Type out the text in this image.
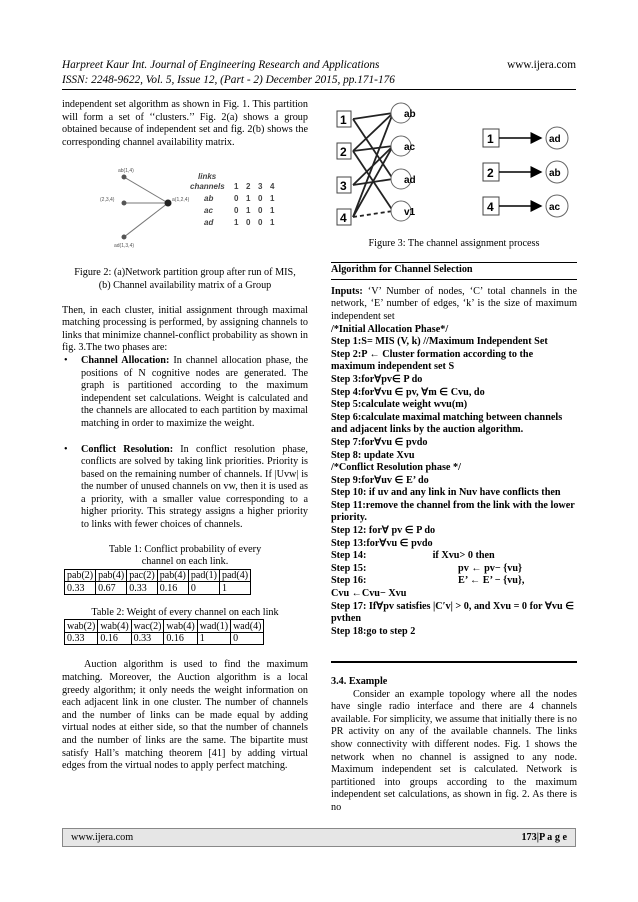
Harpreet Kaur Int. Journal of Engineering Research and Applications	www.ijera.com
ISSN: 2248-9622, Vol. 5, Issue 12, (Part - 2) December 2015, pp.171-176

independent set algorithm as shown in Fig. 1. This partition will form a set of ‘‘clusters.’’ Fig. 2(a) shows a group obtained because of independent set and fig. 2(b) shows the corresponding channel availability matrix.

a(1,2,4)
ab(1,4)
(2,3,4)
ad(1,3,4)
links
channels 1 2 3 4
ab	0 1 0 1
ac	0 1 0 1
ad	1 0 0 1

Figure 2: (a)Network partition group after run of MIS, (b) Channel availability matrix of a Group

Then, in each cluster, initial assignment through maximal matching processing is performed, by assigning channels to links that minimize channel-conflict probability as shown in fig. 3.The two phases are:

• Channel Allocation: In channel allocation phase, the positions of N cognitive nodes are generated. The graph is partitioned according to the maximum independent set calculations. Weight is calculated and the channels are allocated to each partition by maximal matching in order to maximize the weight.
• Conflict Resolution: In conflict resolution phase, conflicts are solved by taking link priorities. Priority is based on the remaining number of channels. If |Uvw| is the number of unused channels on vw, then it is used as a priority, with a smaller value corresponding to a higher priority. This strategy assigns a higher priority to links with fewer choices of channels.

Table 1: Conflict probability of every channel on each link.

pab(2)	pab(4)	pac(2)	pab(4)	pad(1)	pad(4)
0.33	0.67	0.33	0.16	0	1

Table 2: Weight of every channel on each link

wab(2)	wab(4)	wac(2)	wab(4)	wad(1)	wad(4)
0.33	0.16	0.33	0.16	1	0

Auction algorithm is used to find the maximum matching. Moreover, the Auction algorithm is a local greedy algorithm; it only needs the weight information on each adjacent link in one cluster. The number of channels and the number of links can be made equal by adding virtual nodes at either side, so that the number of channels and the number of links are the same. The bipartite must satisfy Hall’s matching theorem [41] by adding virtual edges from the virtual nodes to apply perfect matching.

1
2
3
4
ab
ac
ad
v1
1
2
4
ad
ab
ac

Figure 3: The channel assignment process

Algorithm for Channel Selection

Inputs: ‘V’ Number of nodes, ‘C’ total channels in the network, ‘E’ number of edges, ‘k’ is the size of maximum independent set

/*Initial Allocation Phase*/
Step 1:S= MIS (V, k) //Maximum Independent Set
Step 2:P ← Cluster formation according to the maximum independent set S
Step 3:for∀pv∈ P do
Step 4:for∀vu ∈ pv, ∀m ∈ Cvu, do
Step 5:calculate weight wvu(m)
Step 6:calculate maximal matching between channels and adjacent links by the auction algorithm.
Step 7:for∀vu ∈ pvdo
Step 8: update Xvu
/*Conflict Resolution phase */
Step 9:for∀uv ∈ E’ do
Step 10: if uv and any link in Nuv have conflicts then
Step 11:remove the channel from the link with the lower priority.
Step 12: for∀ pv ∈ P do
Step 13:for∀vu ∈ pvdo
Step 14:                          if Xvu> 0 then
Step 15:                                    pv ← pv− {vu}
Step 16:                                    E’ ← E’ − {vu},
Cvu ←Cvu− Xvu
Step 17: If∀pv satisfies |C′v| > 0, and Xvu = 0 for ∀vu ∈ pvthen
Step 18:go to step 2
3.4. Example

Consider an example topology where all the nodes have single radio interface and there are 4 channels available. For simplicity, we assume that initially there is no PR activity on any of the available channels. The links show connectivity with different nodes. Fig. 1 shows the network when no channel is assigned to any node. Maximum independent set is calculated. Network is partitioned into groups according to the maximum independent set calculations, as shown in fig. 2. As there is no

www.ijera.com	173|P a g e
